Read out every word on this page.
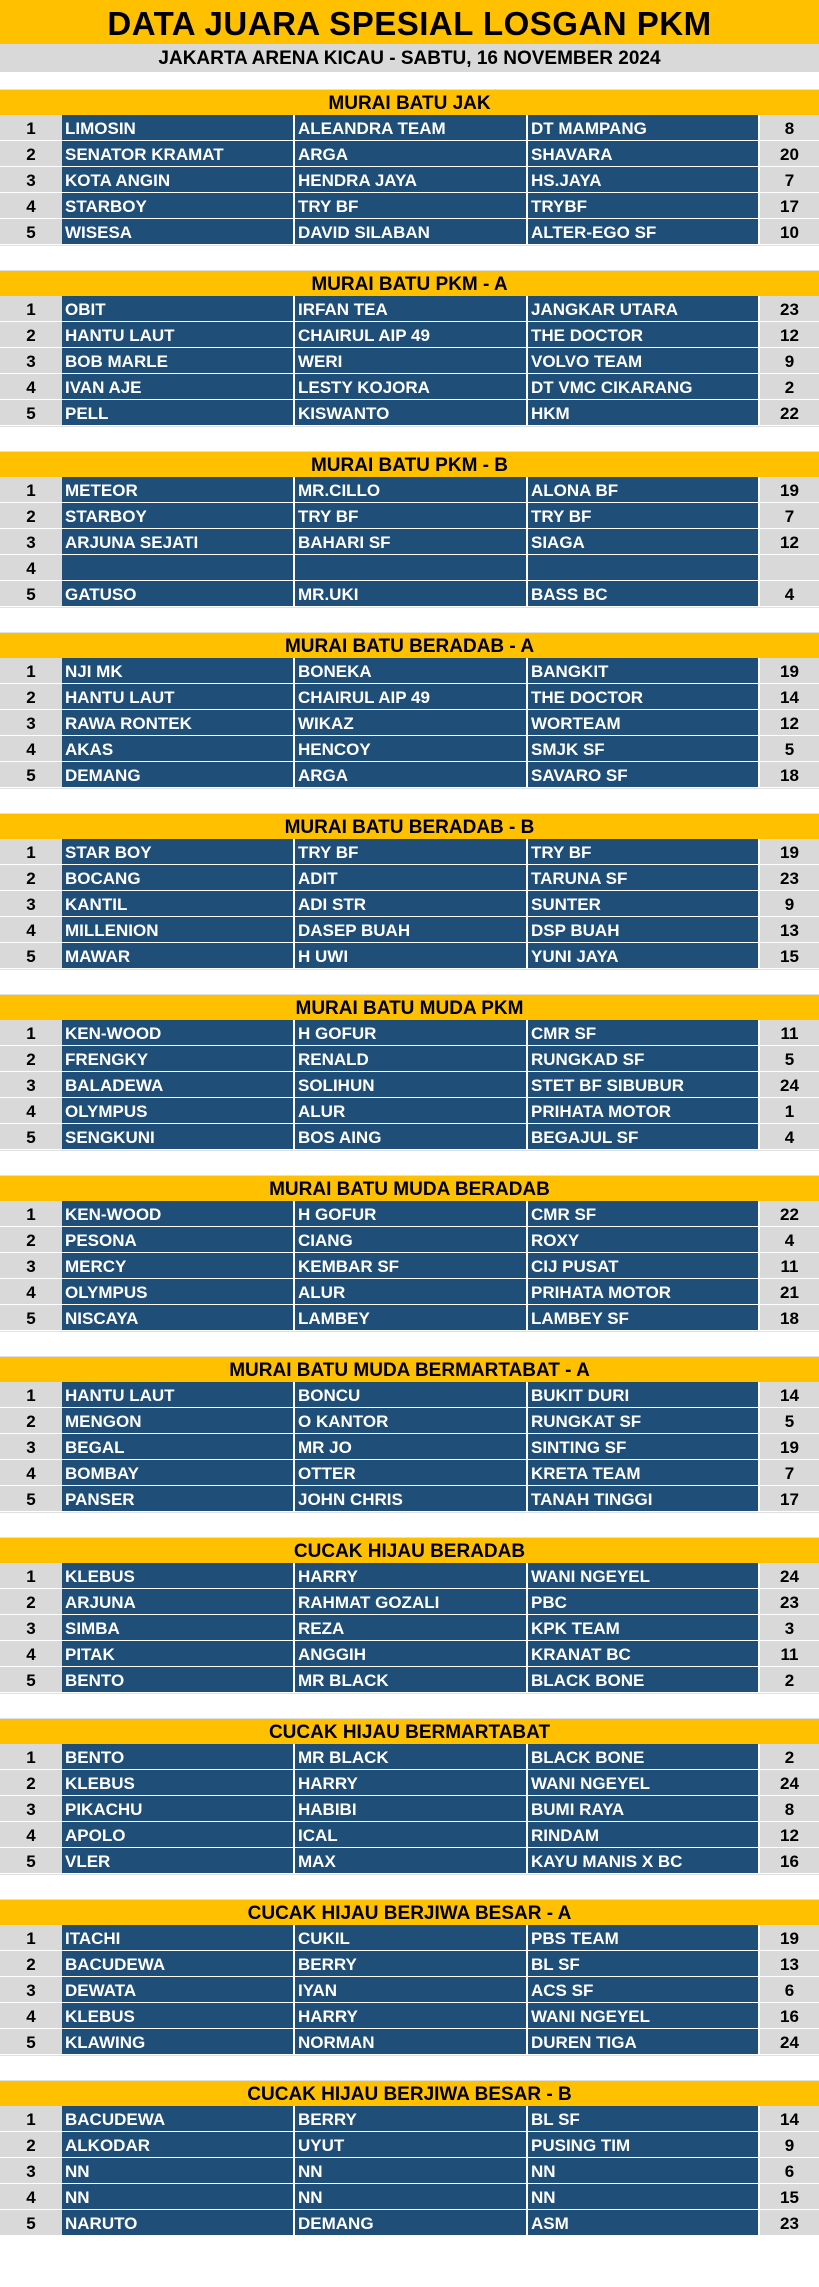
DATA JUARA SPESIAL LOSGAN PKM
JAKARTA ARENA KICAU - SABTU, 16 NOVEMBER 2024
MURAI BATU JAK
1	LIMOSIN	ALEANDRA TEAM	DT MAMPANG	8
2	SENATOR KRAMAT	ARGA	SHAVARA	20
3	KOTA ANGIN	HENDRA JAYA	HS.JAYA	7
4	STARBOY	TRY BF	TRYBF	17
5	WISESA	DAVID SILABAN	ALTER-EGO SF	10
MURAI BATU PKM - A
1	OBIT	IRFAN TEA	JANGKAR UTARA	23
2	HANTU LAUT	CHAIRUL AIP 49	THE DOCTOR	12
3	BOB MARLE	WERI	VOLVO TEAM	9
4	IVAN AJE	LESTY KOJORA	DT VMC CIKARANG	2
5	PELL	KISWANTO	HKM	22
MURAI BATU PKM - B
1	METEOR	MR.CILLO	ALONA BF	19
2	STARBOY	TRY BF	TRY BF	7
3	ARJUNA SEJATI	BAHARI SF	SIAGA	12
4
5	GATUSO	MR.UKI	BASS BC	4
MURAI BATU BERADAB - A
1	NJI MK	BONEKA	BANGKIT	19
2	HANTU LAUT	CHAIRUL AIP 49	THE DOCTOR	14
3	RAWA RONTEK	WIKAZ	WORTEAM	12
4	AKAS	HENCOY	SMJK SF	5
5	DEMANG	ARGA	SAVARO SF	18
MURAI BATU BERADAB - B
1	STAR BOY	TRY BF	TRY BF	19
2	BOCANG	ADIT	TARUNA SF	23
3	KANTIL	ADI STR	SUNTER	9
4	MILLENION	DASEP BUAH	DSP BUAH	13
5	MAWAR	H UWI	YUNI JAYA	15
MURAI BATU MUDA PKM
1	KEN-WOOD	H GOFUR	CMR SF	11
2	FRENGKY	RENALD	RUNGKAD SF	5
3	BALADEWA	SOLIHUN	STET BF SIBUBUR	24
4	OLYMPUS	ALUR	PRIHATA MOTOR	1
5	SENGKUNI	BOS AING	BEGAJUL SF	4
MURAI BATU MUDA BERADAB
1	KEN-WOOD	H GOFUR	CMR SF	22
2	PESONA	CIANG	ROXY	4
3	MERCY	KEMBAR SF	CIJ PUSAT	11
4	OLYMPUS	ALUR	PRIHATA MOTOR	21
5	NISCAYA	LAMBEY	LAMBEY SF	18
MURAI BATU MUDA BERMARTABAT - A
1	HANTU LAUT	BONCU	BUKIT DURI	14
2	MENGON	O KANTOR	RUNGKAT SF	5
3	BEGAL	MR JO	SINTING SF	19
4	BOMBAY	OTTER	KRETA TEAM	7
5	PANSER	JOHN CHRIS	TANAH TINGGI	17
CUCAK HIJAU BERADAB
1	KLEBUS	HARRY	WANI NGEYEL	24
2	ARJUNA	RAHMAT GOZALI	PBC	23
3	SIMBA	REZA	KPK TEAM	3
4	PITAK	ANGGIH	KRANAT BC	11
5	BENTO	MR BLACK	BLACK BONE	2
CUCAK HIJAU BERMARTABAT
1	BENTO	MR BLACK	BLACK BONE	2
2	KLEBUS	HARRY	WANI NGEYEL	24
3	PIKACHU	HABIBI	BUMI RAYA	8
4	APOLO	ICAL	RINDAM	12
5	VLER	MAX	KAYU MANIS X BC	16
CUCAK HIJAU BERJIWA BESAR - A
1	ITACHI	CUKIL	PBS TEAM	19
2	BACUDEWA	BERRY	BL SF	13
3	DEWATA	IYAN	ACS SF	6
4	KLEBUS	HARRY	WANI NGEYEL	16
5	KLAWING	NORMAN	DUREN TIGA	24
CUCAK HIJAU BERJIWA BESAR - B
1	BACUDEWA	BERRY	BL SF	14
2	ALKODAR	UYUT	PUSING TIM	9
3	NN	NN	NN	6
4	NN	NN	NN	15
5	NARUTO	DEMANG	ASM	23
